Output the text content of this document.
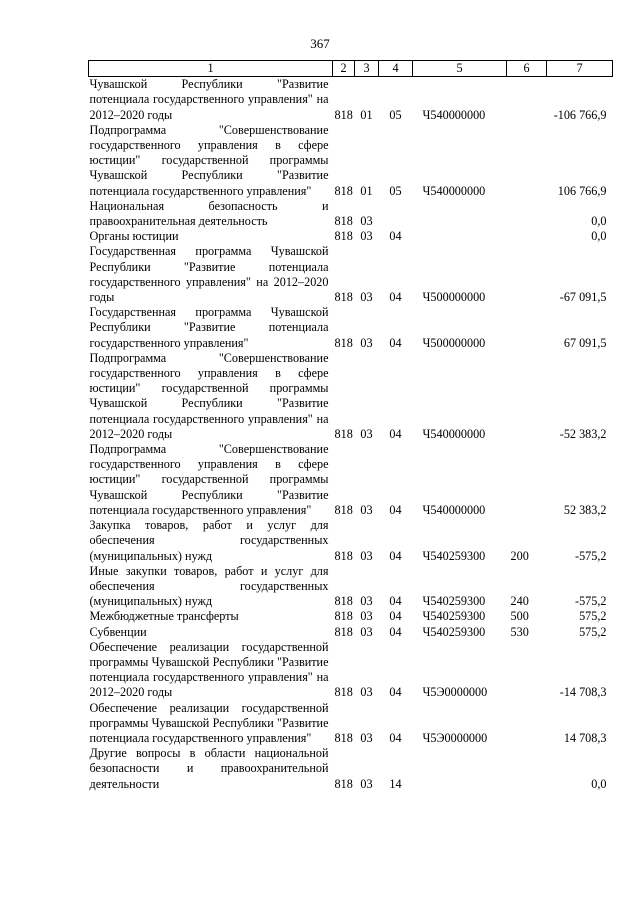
367
1	2	3	4	5	6	7
Чувашской Республики "Развитие потенциала государственного управления" на 2012–2020 годы	818	01	05	Ч540000000		-106 766,9
Подпрограмма "Совершенствование государственного управления в сфере юстиции" государственной программы Чувашской Республики "Развитие потенциала государственного управления"	818	01	05	Ч540000000		106 766,9
Национальная безопасность и правоохранительная деятельность	818	03				0,0
Органы юстиции	818	03	04			0,0
Государственная программа Чувашской Республики "Развитие потенциала государственного управления" на 2012–2020 годы	818	03	04	Ч500000000		-67 091,5
Государственная программа Чувашской Республики "Развитие потенциала государственного управления"	818	03	04	Ч500000000		67 091,5
Подпрограмма "Совершенствование государственного управления в сфере юстиции" государственной программы Чувашской Республики "Развитие потенциала государственного управления" на 2012–2020 годы	818	03	04	Ч540000000		-52 383,2
Подпрограмма "Совершенствование государственного управления в сфере юстиции" государственной программы Чувашской Республики "Развитие потенциала государственного управления"	818	03	04	Ч540000000		52 383,2
Закупка товаров, работ и услуг для обеспечения государственных (муниципальных) нужд	818	03	04	Ч540259300	200	-575,2
Иные закупки товаров, работ и услуг для обеспечения государственных (муниципальных) нужд	818	03	04	Ч540259300	240	-575,2
Межбюджетные трансферты	818	03	04	Ч540259300	500	575,2
Субвенции	818	03	04	Ч540259300	530	575,2
Обеспечение реализации государственной программы Чувашской Республики "Развитие потенциала государственного управления" на 2012–2020 годы	818	03	04	Ч5Э0000000		-14 708,3
Обеспечение реализации государственной программы Чувашской Республики "Развитие потенциала государственного управления"	818	03	04	Ч5Э0000000		14 708,3
Другие вопросы в области национальной безопасности и правоохранительной деятельности	818	03	14			0,0
